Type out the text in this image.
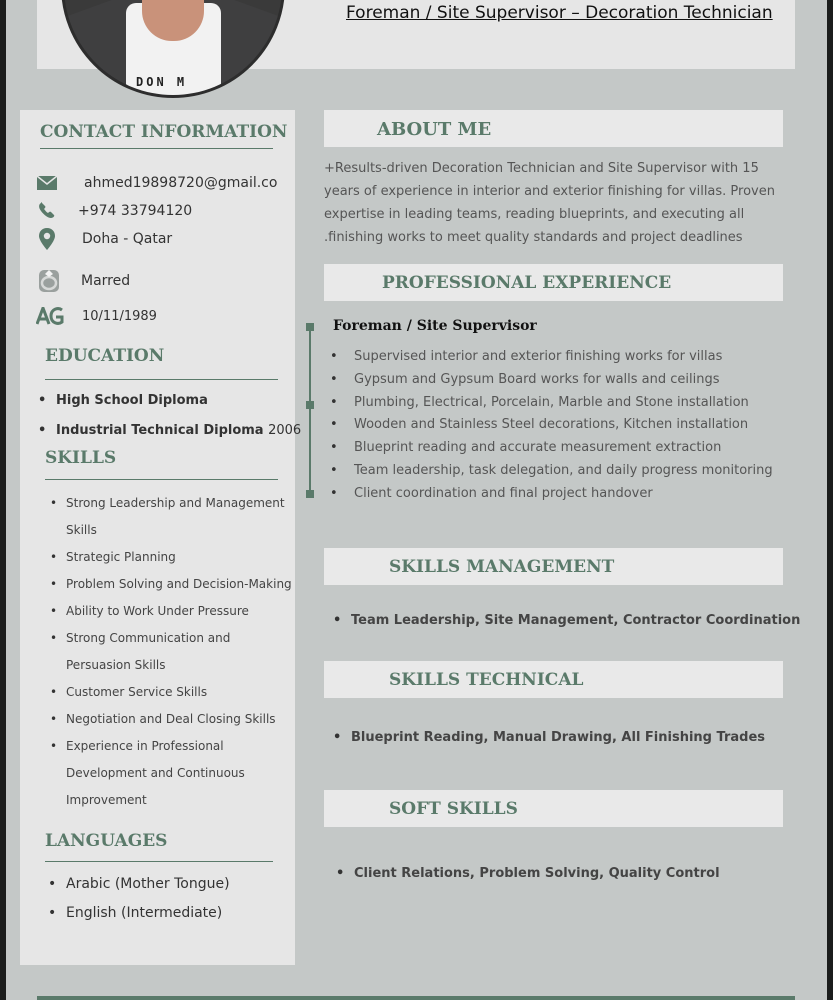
Foreman / Site Supervisor – Decoration Technician
DON M
CONTACT INFORMATION
ahmed19898720@gmail.co
+974 33794120
Doha - Qatar
Marred
10/11/1989
EDUCATION
• High School Diploma
• Industrial Technical Diploma 2006
SKILLS
• Strong Leadership and Management Skills
• Strategic Planning
• Problem Solving and Decision-Making
• Ability to Work Under Pressure
• Strong Communication and Persuasion Skills
• Customer Service Skills
• Negotiation and Deal Closing Skills
• Experience in Professional Development and Continuous Improvement
LANGUAGES
• Arabic (Mother Tongue)
• English (Intermediate)
ABOUT ME
+Results-driven Decoration Technician and Site Supervisor with 15 years of experience in interior and exterior finishing for villas. Proven expertise in leading teams, reading blueprints, and executing all .finishing works to meet quality standards and project deadlines
PROFESSIONAL EXPERIENCE
Foreman / Site Supervisor
• Supervised interior and exterior finishing works for villas
• Gypsum and Gypsum Board works for walls and ceilings
• Plumbing, Electrical, Porcelain, Marble and Stone installation
• Wooden and Stainless Steel decorations, Kitchen installation
• Blueprint reading and accurate measurement extraction
• Team leadership, task delegation, and daily progress monitoring
• Client coordination and final project handover
SKILLS MANAGEMENT
• Team Leadership, Site Management, Contractor Coordination
SKILLS TECHNICAL
• Blueprint Reading, Manual Drawing, All Finishing Trades
SOFT SKILLS
• Client Relations, Problem Solving, Quality Control
